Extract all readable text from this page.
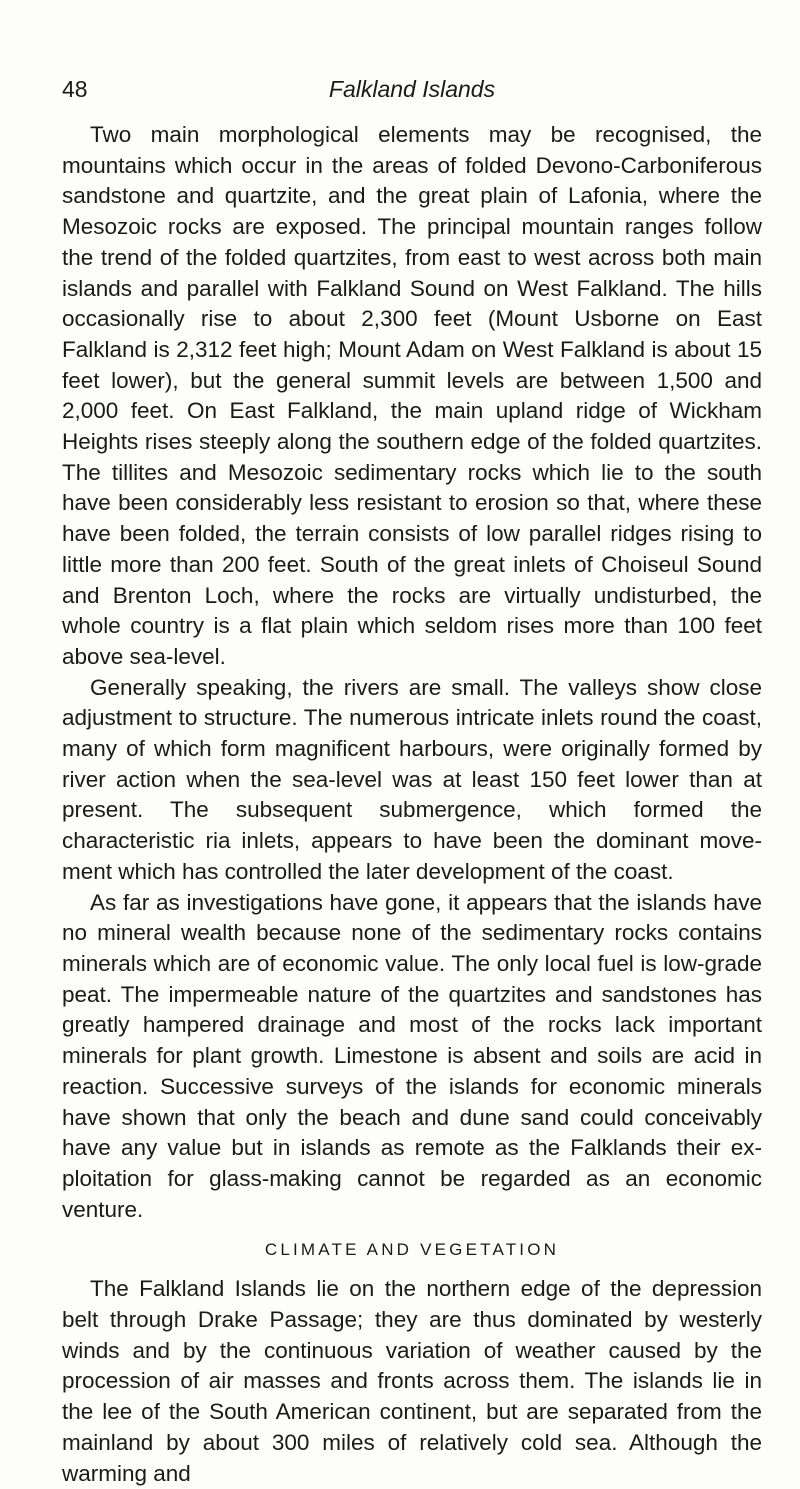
48	Falkland Islands

Two main morphological elements may be recognised, the mountains which occur in the areas of folded Devono-Carboniferous sandstone and quartzite, and the great plain of Lafonia, where the Mesozoic rocks are exposed. The principal mountain ranges follow the trend of the folded quartzites, from east to west across both main islands and parallel with Falkland Sound on West Falkland. The hills occasionally rise to about 2,300 feet (Mount Usborne on East Falkland is 2,312 feet high; Mount Adam on West Falkland is about 15 feet lower), but the general summit levels are between 1,500 and 2,000 feet. On East Falkland, the main upland ridge of Wickham Heights rises steeply along the southern edge of the folded quartzites. The tillites and Mesozoic sedimentary rocks which lie to the south have been considerably less resistant to erosion so that, where these have been folded, the terrain consists of low parallel ridges rising to little more than 200 feet. South of the great inlets of Choiseul Sound and Brenton Loch, where the rocks are virtually undisturbed, the whole country is a flat plain which seldom rises more than 100 feet above sea-level.

Generally speaking, the rivers are small. The valleys show close adjustment to structure. The numerous intricate inlets round the coast, many of which form magnificent harbours, were originally formed by river action when the sea-level was at least 150 feet lower than at present. The subsequent submergence, which formed the characteristic ria inlets, appears to have been the dominant movement which has controlled the later development of the coast.

As far as investigations have gone, it appears that the islands have no mineral wealth because none of the sedimentary rocks contains minerals which are of economic value. The only local fuel is low-grade peat. The impermeable nature of the quartzites and sandstones has greatly hampered drainage and most of the rocks lack important minerals for plant growth. Limestone is absent and soils are acid in reaction. Successive surveys of the islands for economic minerals have shown that only the beach and dune sand could conceivably have any value but in islands as remote as the Falklands their exploitation for glass-making cannot be regarded as an economic venture.

CLIMATE AND VEGETATION

The Falkland Islands lie on the northern edge of the depression belt through Drake Passage; they are thus dominated by westerly winds and by the continuous variation of weather caused by the procession of air masses and fronts across them. The islands lie in the lee of the South American continent, but are separated from the mainland by about 300 miles of relatively cold sea. Although the warming and
